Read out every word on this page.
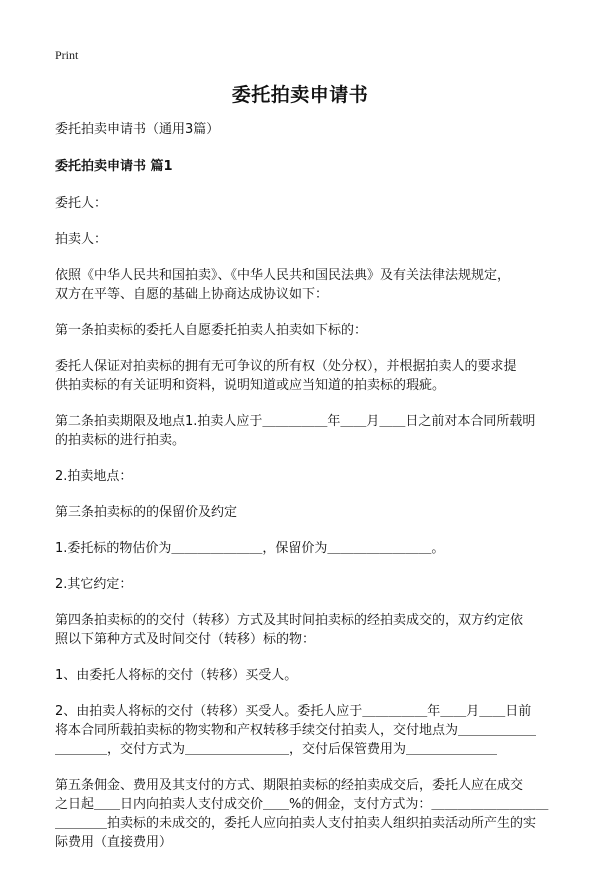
Print
委托拍卖申请书

委托拍卖申请书（通用3篇）

委托拍卖申请书 篇1

委托人：

拍卖人：

依照《中华人民共和国拍卖》、《中华人民共和国民法典》及有关法律法规规定，
双方在平等、自愿的基础上协商达成协议如下：

第一条拍卖标的委托人自愿委托拍卖人拍卖如下标的：

委托人保证对拍卖标的拥有无可争议的所有权（处分权），并根据拍卖人的要求提
供拍卖标的有关证明和资料，说明知道或应当知道的拍卖标的瑕疵。

第二条拍卖期限及地点1.拍卖人应于＿＿＿＿＿年＿＿月＿＿日之前对本合同所载明
的拍卖标的进行拍卖。

2.拍卖地点：

第三条拍卖标的的保留价及约定

1.委托标的物估价为＿＿＿＿＿＿＿，保留价为＿＿＿＿＿＿＿＿。

2.其它约定：

第四条拍卖标的的交付（转移）方式及其时间拍卖标的经拍卖成交的，双方约定依
照以下第种方式及时间交付（转移）标的物：

1、由委托人将标的交付（转移）买受人。

2、由拍卖人将标的交付（转移）买受人。委托人应于＿＿＿＿＿年＿＿月＿＿日前
将本合同所载拍卖标的物实物和产权转移手续交付拍卖人，交付地点为＿＿＿＿＿＿
＿＿＿＿，交付方式为＿＿＿＿＿＿＿＿，交付后保管费用为＿＿＿＿＿＿＿

第五条佣金、费用及其支付的方式、期限拍卖标的经拍卖成交后，委托人应在成交
之日起＿＿日内向拍卖人支付成交价＿＿%的佣金，支付方式为：＿＿＿＿＿＿＿＿＿
＿＿＿＿拍卖标的未成交的，委托人应向拍卖人支付拍卖人组织拍卖活动所产生的实
际费用（直接费用）
